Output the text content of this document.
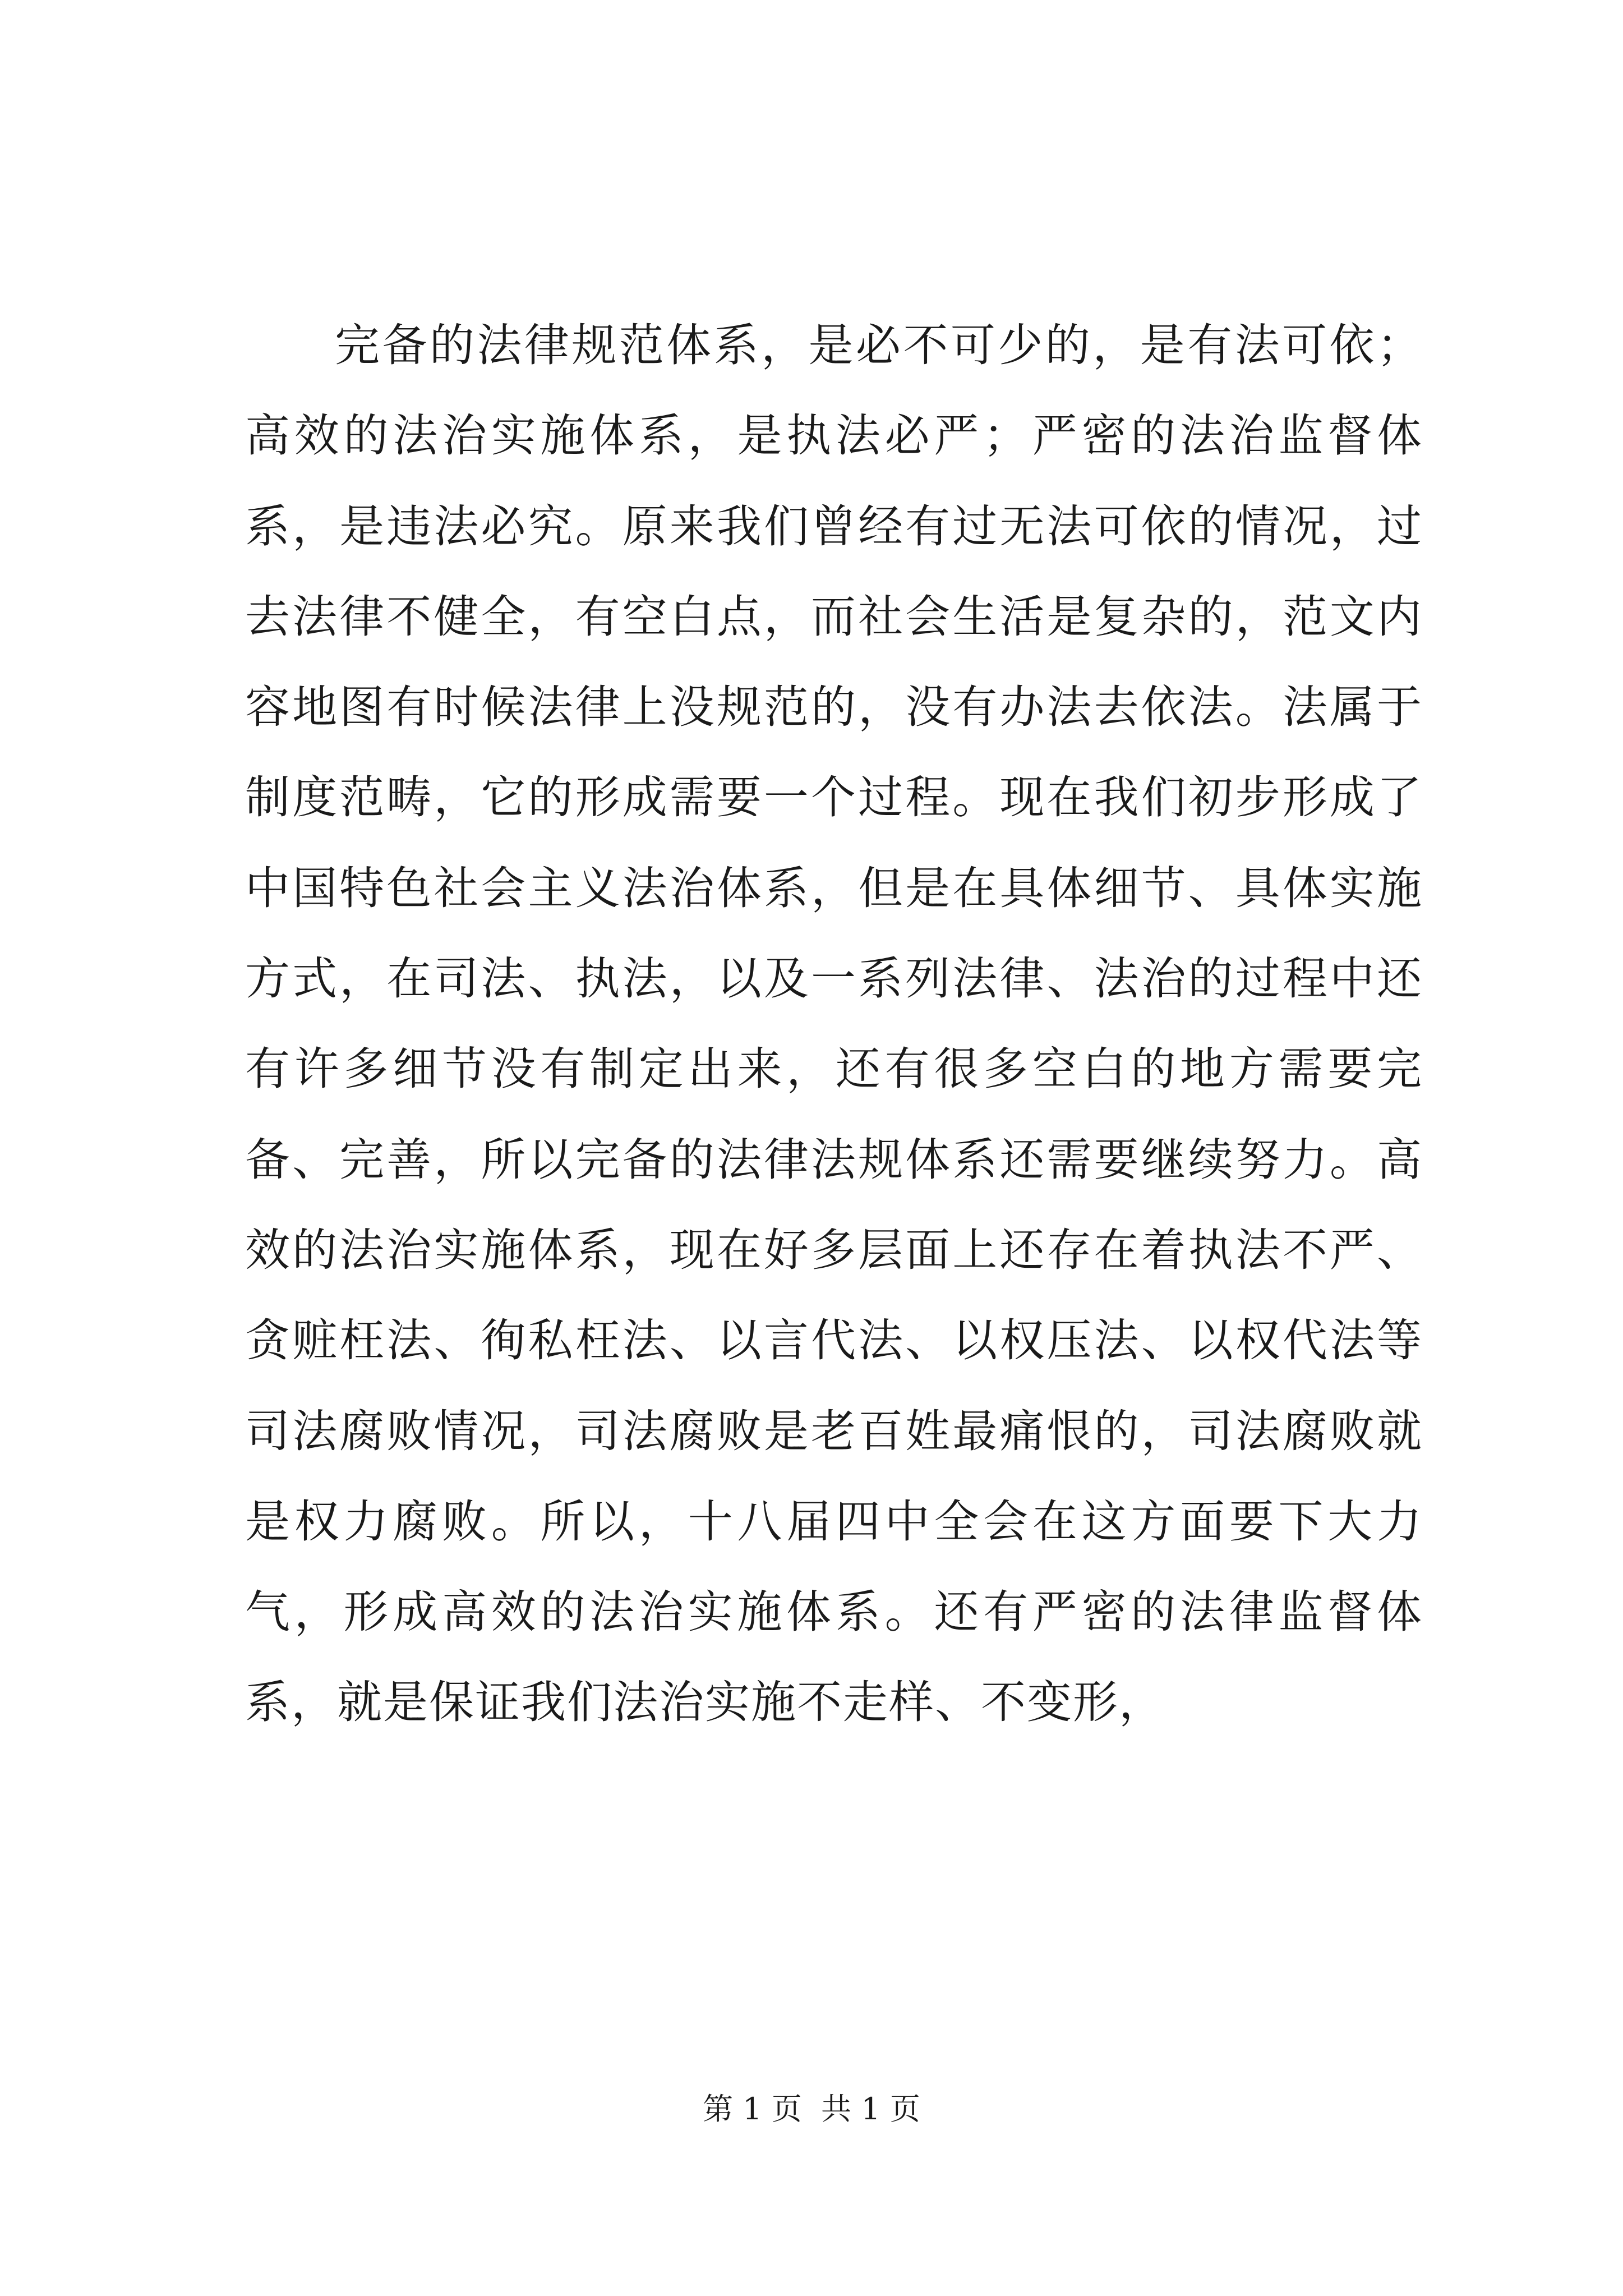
完备的法律规范体系，是必不可少的，是有法可依；高效的法治实施体系，是执法必严；严密的法治监督体系，是违法必究。原来我们曾经有过无法可依的情况，过去法律不健全，有空白点，而社会生活是复杂的，范文内容地图有时候法律上没规范的，没有办法去依法。法属于制度范畴，它的形成需要一个过程。现在我们初步形成了中国特色社会主义法治体系，但是在具体细节、具体实施方式，在司法、执法，以及一系列法律、法治的过程中还有许多细节没有制定出来，还有很多空白的地方需要完备、完善，所以完备的法律法规体系还需要继续努力。高效的法治实施体系，现在好多层面上还存在着执法不严、贪赃枉法、徇私枉法、以言代法、以权压法、以权代法等司法腐败情况，司法腐败是老百姓最痛恨的，司法腐败就是权力腐败。所以，十八届四中全会在这方面要下大力气，形成高效的法治实施体系。还有严密的法律监督体系，就是保证我们法治实施不走样、不变形，

第 1 页  共 1 页
